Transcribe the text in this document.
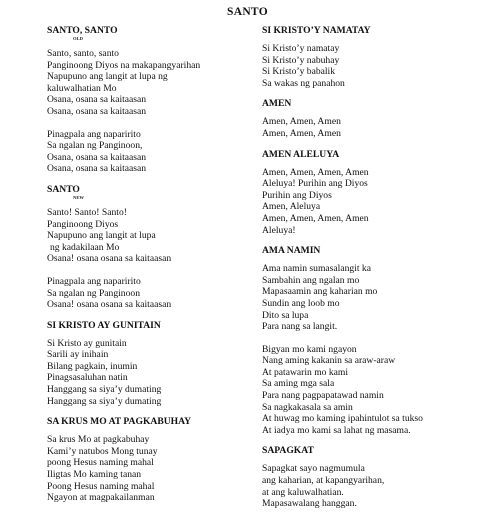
SANTO
SANTO, SANTO
OLD
Santo, santo, santo
Panginoong Diyos na makapangyarihan
Napupuno ang langit at lupa ng
kaluwalhatian Mo
Osana, osana sa kaitaasan
Osana, osana sa kaitaasan
Pinagpala ang naparirito
Sa ngalan ng Panginoon,
Osana, osana sa kaitaasan
Osana, osana sa kaitaasan
SANTO
NEW
Santo! Santo! Santo!
Panginoong Diyos
Napupuno ang langit at lupa
ng kadakilaan Mo
Osana! osana osana sa kaitaasan
Pinagpala ang naparirito
Sa ngalan ng Panginoon
Osana! osana osana sa kaitaasan
SI KRISTO AY GUNITAIN
Si Kristo ay gunitain
Sarili ay inihain
Bilang pagkain, inumin
Pinagsasaluhan natin
Hanggang sa siya’y dumating
Hanggang sa siya’y dumating
SA KRUS MO AT PAGKABUHAY
Sa krus Mo at pagkabuhay
Kami’y natubos Mong tunay
poong Hesus naming mahal
Iligtas Mo kaming tanan
Poong Hesus naming mahal
Ngayon at magpakailanman
SI KRISTO’Y NAMATAY
Si Kristo’y namatay
Si Kristo’y nabuhay
Si Kristo’y babalik
Sa wakas ng panahon
AMEN
Amen, Amen, Amen
Amen, Amen, Amen
AMEN ALELUYA
Amen, Amen, Amen, Amen
Aleluya! Purihin ang Diyos
Purihin ang Diyos
Amen, Aleluya
Amen, Amen, Amen, Amen
Aleluya!
AMA NAMIN
Ama namin sumasalangit ka
Sambahin ang ngalan mo
Mapasaamin ang kaharian mo
Sundin ang loob mo
Dito sa lupa
Para nang sa langit.
Bigyan mo kami ngayon
Nang aming kakanin sa araw-araw
At patawarin mo kami
Sa aming mga sala
Para nang pagpapatawad namin
Sa nagkakasala sa amin
At huwag mo kaming ipahintulot sa tukso
At iadya mo kami sa lahat ng masama.
SAPAGKAT
Sapagkat sayo nagmumula
ang kaharian, at kapangyarihan,
at ang kaluwalhatian.
Mapasawalang hanggan.
